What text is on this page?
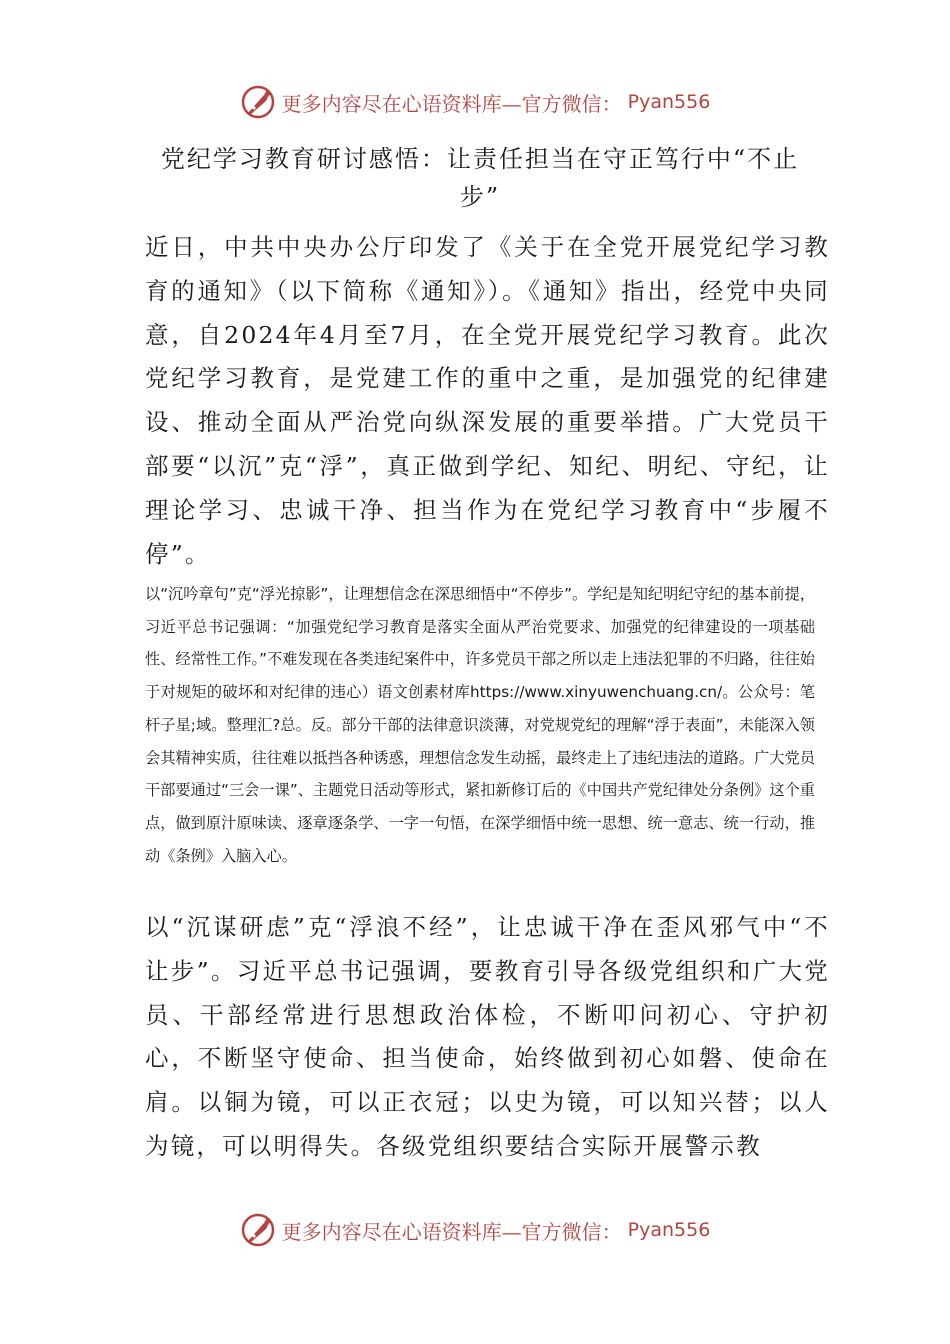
更多内容尽在心语资料库—官方微信： Pyan556
党纪学习教育研讨感悟：让责任担当在守正笃行中“不止步”

近日，中共中央办公厅印发了《关于在全党开展党纪学习教育的通知》（以下简称《通知》）。《通知》指出，经党中央同意，自2024年4月至7月，在全党开展党纪学习教育。此次党纪学习教育，是党建工作的重中之重，是加强党的纪律建设、推动全面从严治党向纵深发展的重要举措。广大党员干部要“以沉”克“浮”，真正做到学纪、知纪、明纪、守纪，让理论学习、忠诚干净、担当作为在党纪学习教育中“步履不停”。

以“沉吟章句”克“浮光掠影”，让理想信念在深思细悟中“不停步”。学纪是知纪明纪守纪的基本前提，习近平总书记强调：“加强党纪学习教育是落实全面从严治党要求、加强党的纪律建设的一项基础性、经常性工作。”不难发现在各类违纪案件中，许多党员干部之所以走上违法犯罪的不归路，往往始于对规矩的破坏和对纪律的违心）语文创素材库https://www.xinyuwenchuang.cn/。公众号：笔杆子星;域。整理汇?总。反。部分干部的法律意识淡薄，对党规党纪的理解“浮于表面”，未能深入领会其精神实质，往往难以抵挡各种诱惑，理想信念发生动摇，最终走上了违纪违法的道路。广大党员干部要通过“三会一课”、主题党日活动等形式，紧扣新修订后的《中国共产党纪律处分条例》这个重点，做到原汁原味读、逐章逐条学、一字一句悟，在深学细悟中统一思想、统一意志、统一行动，推动《条例》入脑入心。

以“沉谋研虑”克“浮浪不经”，让忠诚干净在歪风邪气中“不让步”。习近平总书记强调，要教育引导各级党组织和广大党员、干部经常进行思想政治体检，不断叩问初心、守护初心，不断坚守使命、担当使命，始终做到初心如磐、使命在肩。以铜为镜，可以正衣冠；以史为镜，可以知兴替；以人为镜，可以明得失。各级党组织要结合实际开展警示教

更多内容尽在心语资料库—官方微信： Pyan556
